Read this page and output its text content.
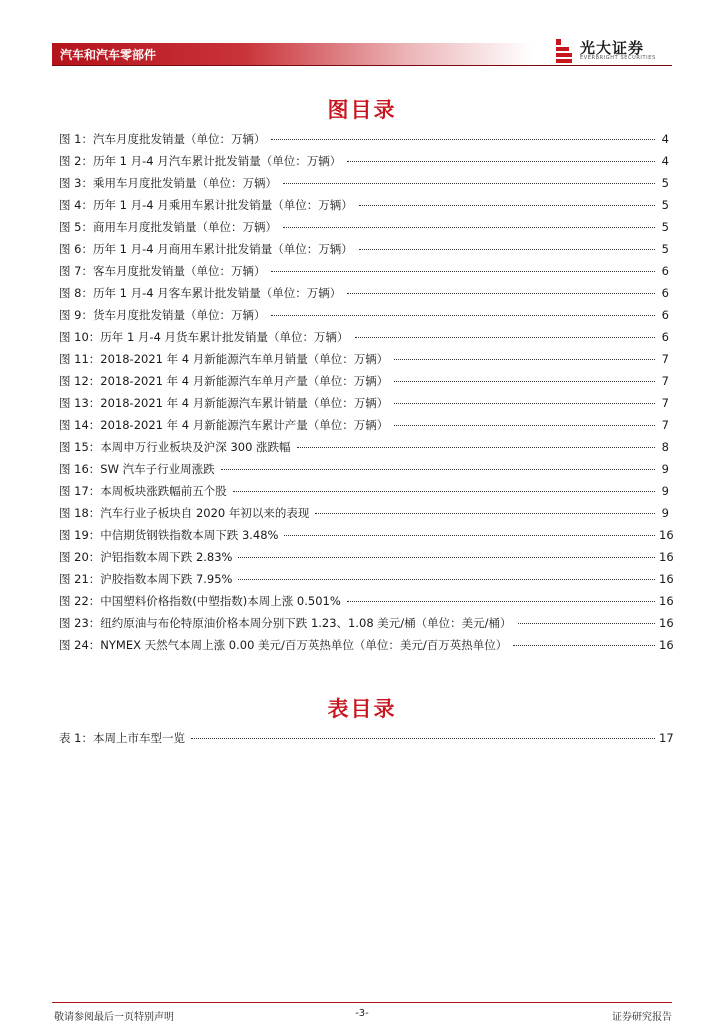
汽车和汽车零部件	光大证券
EVERBRIGHT SECURITIES
图目录
图 1：汽车月度批发销量（单位：万辆）	4
图 2：历年 1 月-4 月汽车累计批发销量（单位：万辆）	4
图 3：乘用车月度批发销量（单位：万辆）	5
图 4：历年 1 月-4 月乘用车累计批发销量（单位：万辆）	5
图 5：商用车月度批发销量（单位：万辆）	5
图 6：历年 1 月-4 月商用车累计批发销量（单位：万辆）	5
图 7：客车月度批发销量（单位：万辆）	6
图 8：历年 1 月-4 月客车累计批发销量（单位：万辆）	6
图 9：货车月度批发销量（单位：万辆）	6
图 10：历年 1 月-4 月货车累计批发销量（单位：万辆）	6
图 11：2018-2021 年 4 月新能源汽车单月销量（单位：万辆）	7
图 12：2018-2021 年 4 月新能源汽车单月产量（单位：万辆）	7
图 13：2018-2021 年 4 月新能源汽车累计销量（单位：万辆）	7
图 14：2018-2021 年 4 月新能源汽车累计产量（单位：万辆）	7
图 15：本周申万行业板块及沪深 300 涨跌幅	8
图 16：SW 汽车子行业周涨跌	9
图 17：本周板块涨跌幅前五个股	9
图 18：汽车行业子板块自 2020 年初以来的表现	9
图 19：中信期货钢铁指数本周下跌 3.48%	16
图 20：沪铝指数本周下跌 2.83%	16
图 21：沪胶指数本周下跌 7.95%	16
图 22：中国塑料价格指数(中塑指数)本周上涨 0.501%	16
图 23：纽约原油与布伦特原油价格本周分别下跌 1.23、1.08 美元/桶（单位：美元/桶）	16
图 24：NYMEX 天然气本周上涨 0.00 美元/百万英热单位（单位：美元/百万英热单位）	16
表目录
表 1：本周上市车型一览	17
敬请参阅最后一页特别声明	-3-	证券研究报告
